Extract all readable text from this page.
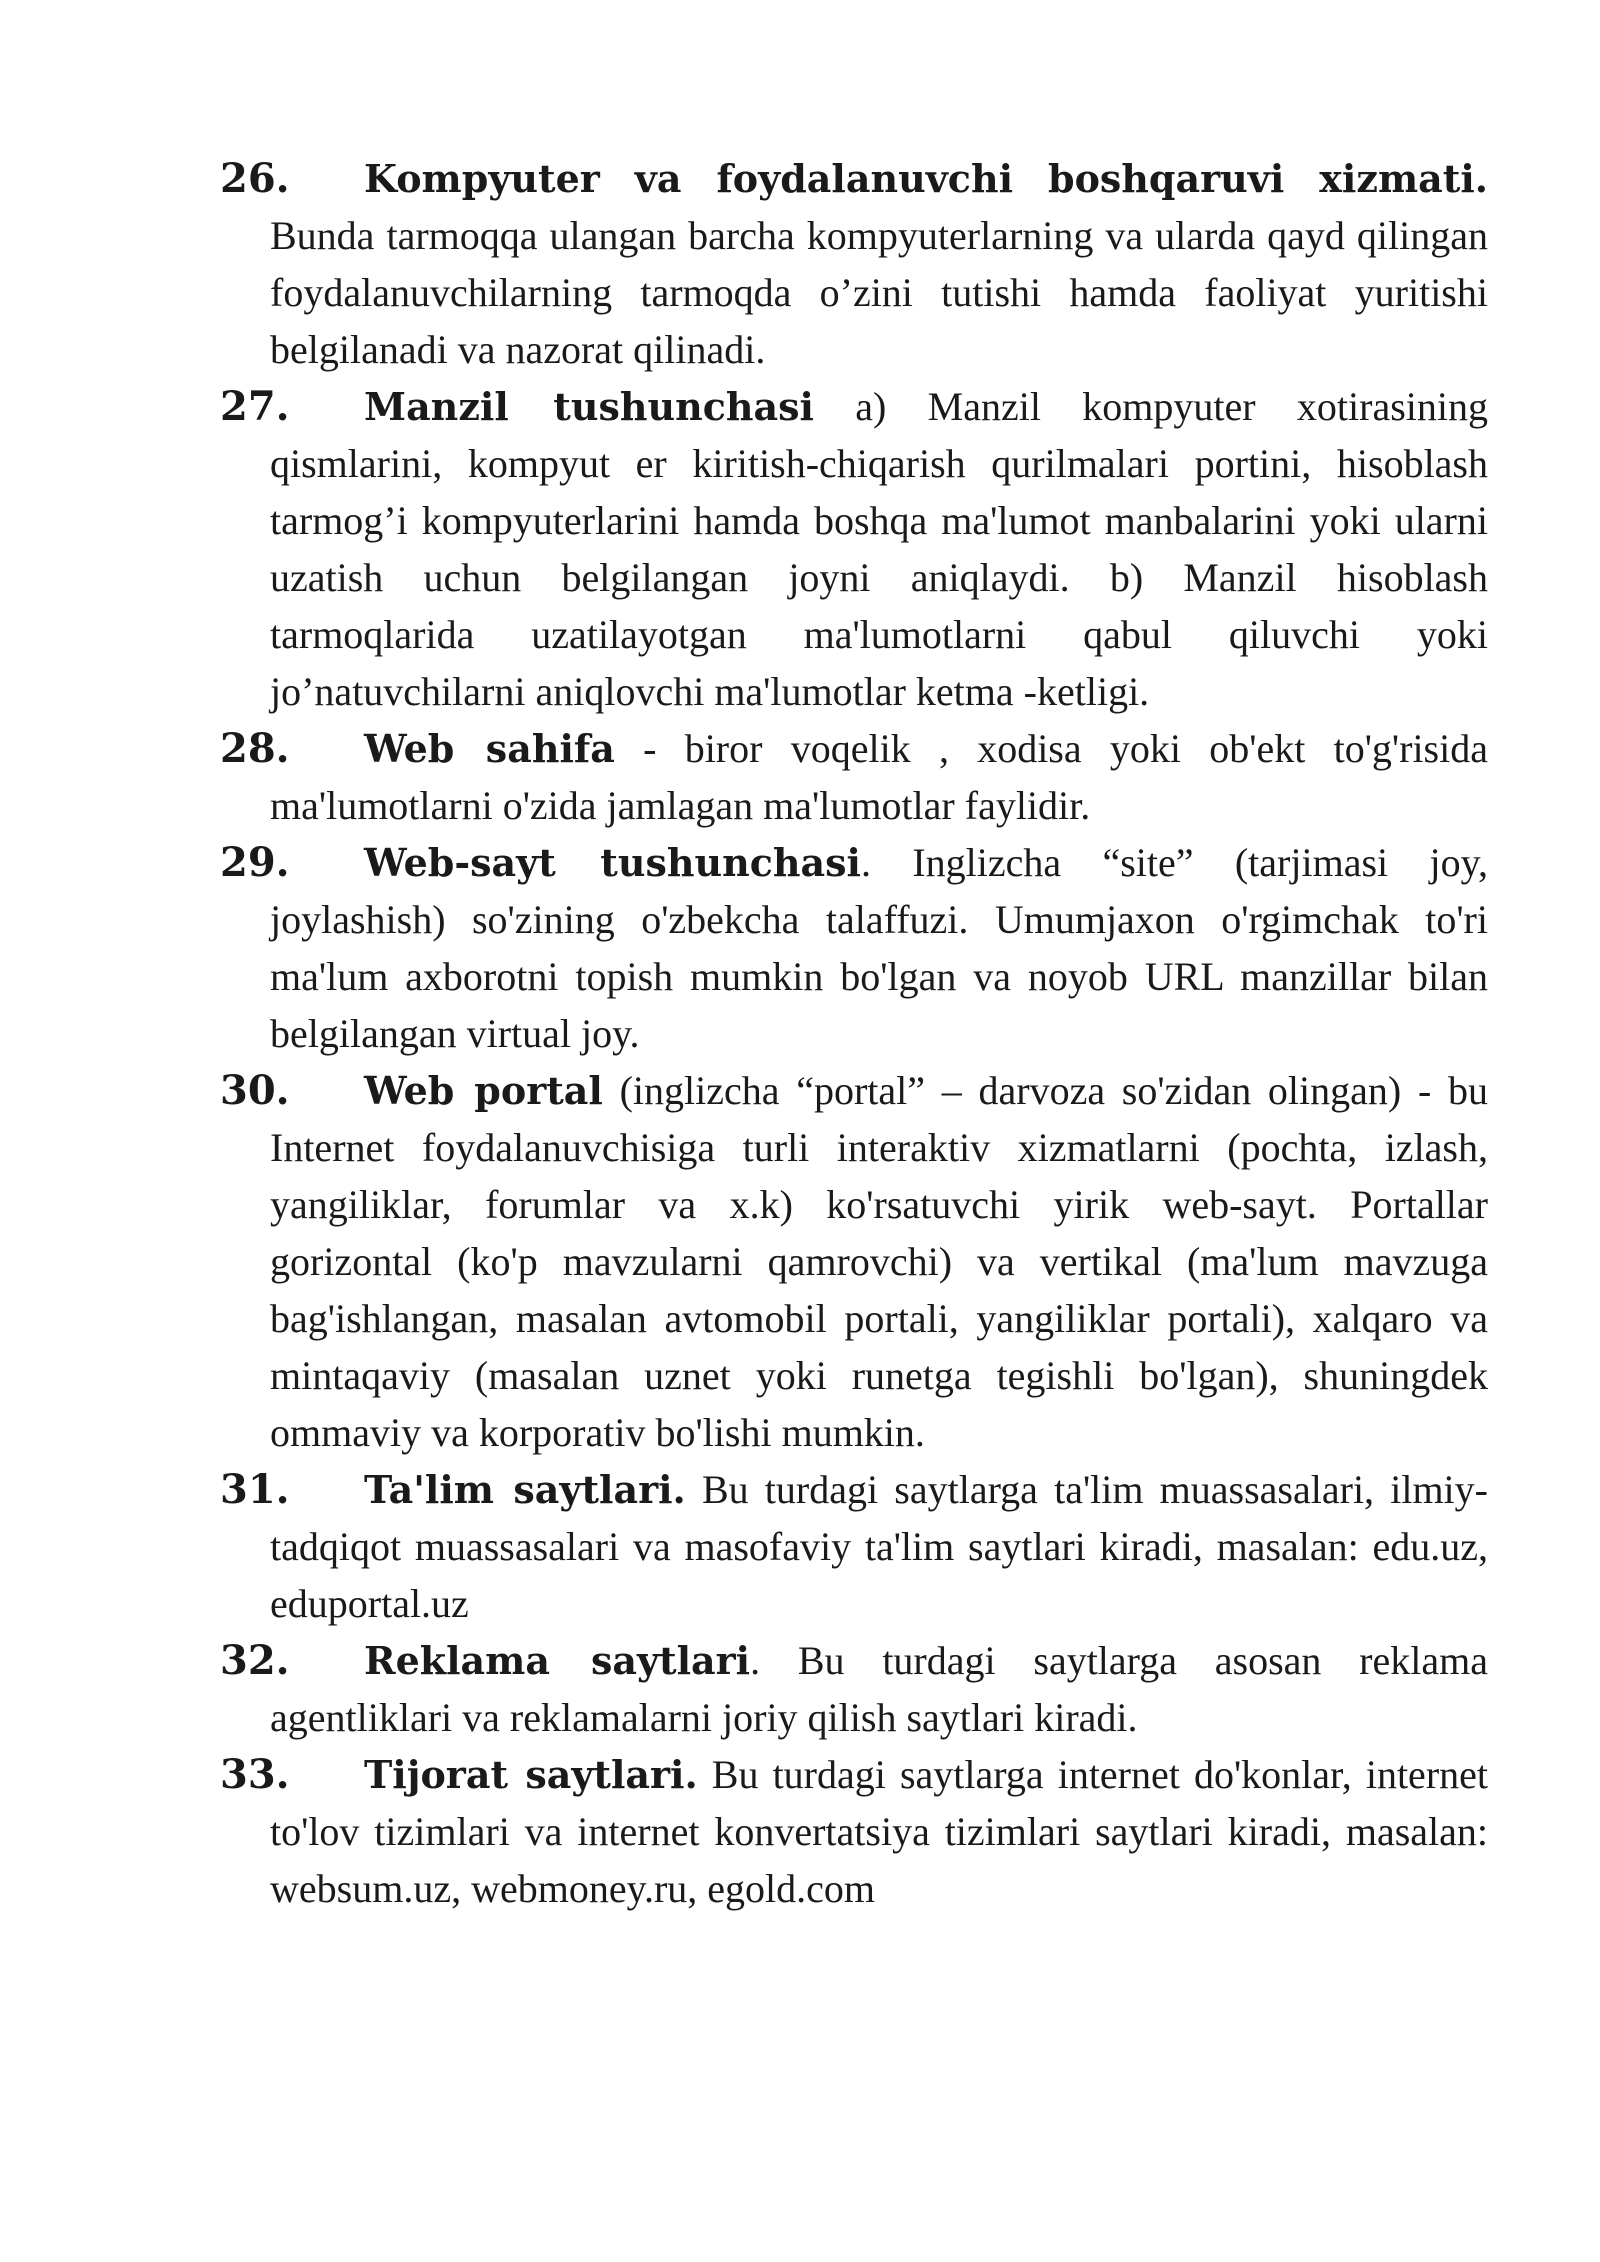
26. Kompyuter va foydalanuvchi boshqaruvi xizmati. Bunda tarmoqqa ulangan barcha kompyuterlarning va ularda qayd qilingan foydalanuvchilarning tarmoqda o’zini tutishi hamda faoliyat yuritishi belgilanadi va nazorat qilinadi.

27. Manzil tushunchasi a) Manzil kompyuter xotirasining qismlarini, kompyut er kiritish-chiqarish qurilmalari portini, hisoblash tarmog’i kompyuterlarini hamda boshqa ma'lumot manbalarini yoki ularni uzatish uchun belgilangan joyni aniqlaydi. b) Manzil hisoblash tarmoqlarida uzatilayotgan ma'lumotlarni qabul qiluvchi yoki jo’natuvchilarni aniqlovchi ma'lumotlar ketma -ketligi.

28. Web sahifa - biror voqelik , xodisa yoki ob'ekt to'g'risida ma'lumotlarni o'zida jamlagan ma'lumotlar faylidir.

29. Web-sayt tushunchasi. Inglizcha “site” (tarjimasi joy, joylashish) so'zining o'zbekcha talaffuzi. Umumjaxon o'rgimchak to'ri ma'lum axborotni topish mumkin bo'lgan va noyob URL manzillar bilan belgilangan virtual joy.

30. Web portal (inglizcha “portal” – darvoza so'zidan olingan) - bu Internet foydalanuvchisiga turli interaktiv xizmatlarni (pochta, izlash, yangiliklar, forumlar va x.k) ko'rsatuvchi yirik web-sayt. Portallar gorizontal (ko'p mavzularni qamrovchi) va vertikal (ma'lum mavzuga bag'ishlangan, masalan avtomobil portali, yangiliklar portali), xalqaro va mintaqaviy (masalan uznet yoki runetga tegishli bo'lgan), shuningdek ommaviy va korporativ bo'lishi mumkin.

31. Ta'lim saytlari. Bu turdagi saytlarga ta'lim muassasalari, ilmiy-tadqiqot muassasalari va masofaviy ta'lim saytlari kiradi, masalan: edu.uz, eduportal.uz

32. Reklama saytlari. Bu turdagi saytlarga asosan reklama agentliklari va reklamalarni joriy qilish saytlari kiradi.

33. Tijorat saytlari. Bu turdagi saytlarga internet do'konlar, internet to'lov tizimlari va internet konvertatsiya tizimlari saytlari kiradi, masalan: websum.uz, webmoney.ru, egold.com
